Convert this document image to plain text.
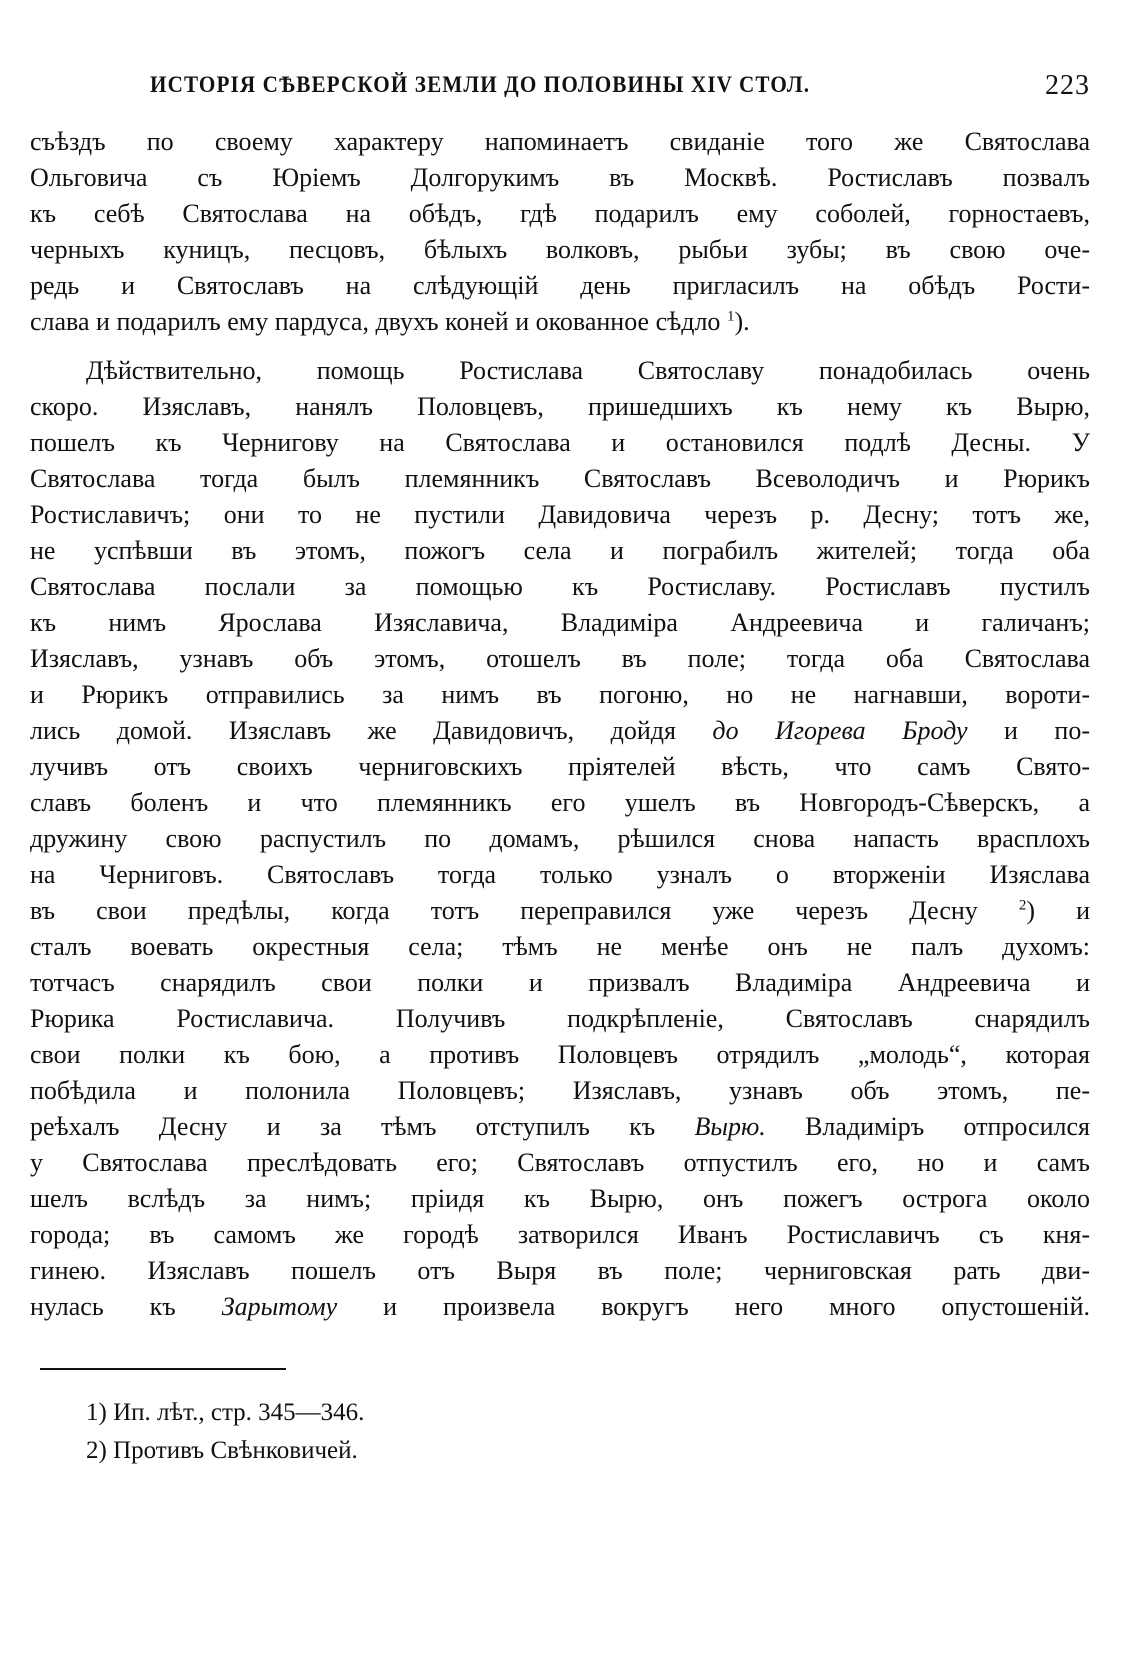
ИСТОРІЯ СѢВЕРСКОЙ ЗЕМЛИ ДО ПОЛОВИНЫ XIV СТОЛ.	223
съѣздъ по своему характеру напоминаетъ свиданіе того же Святослава
Ольговича съ Юріемъ Долгорукимъ въ Москвѣ. Ростиславъ позвалъ
къ себѣ Святослава на обѣдъ, гдѣ подарилъ ему соболей, горностаевъ,
черныхъ куницъ, песцовъ, бѣлыхъ волковъ, рыбьи зубы; въ свою оче-
редь и Святославъ на слѣдующій день пригласилъ на обѣдъ Рости-
слава и подарилъ ему пардуса, двухъ коней и окованное сѣдло $^1$).
Дѣйствительно, помощь Ростислава Святославу понадобилась очень
скоро. Изяславъ, нанялъ Половцевъ, пришедшихъ къ нему къ Вырю,
пошелъ къ Чернигову на Святослава и остановился подлѣ Десны. У
Святослава тогда былъ племянникъ Святославъ Всеволодичъ и Рюрикъ
Ростиславичъ; они то не пустили Давидовича черезъ р. Десну; тотъ же,
не успѣвши въ этомъ, пожогъ села и пограбилъ жителей; тогда оба
Святослава послали за помощью къ Ростиславу. Ростиславъ пустилъ
къ нимъ Ярослава Изяславича, Владиміра Андреевича и галичанъ;
Изяславъ, узнавъ объ этомъ, отошелъ въ поле; тогда оба Святослава
и Рюрикъ отправились за нимъ въ погоню, но не нагнавши, вороти-
лись домой. Изяславъ же Давидовичъ, дойдя до Игорева Броду и по-
лучивъ отъ своихъ черниговскихъ пріятелей вѣсть, что самъ Свято-
славъ боленъ и что племянникъ его ушелъ въ Новгородъ-Сѣверскъ, а
дружину свою распустилъ по домамъ, рѣшился снова напасть врасплохъ
на Черниговъ. Святославъ тогда только узналъ о вторженіи Изяслава
въ свои предѣлы, когда тотъ переправился уже черезъ Десну	$^2$) и
сталъ воевать окрестныя села; тѣмъ не менѣе онъ не палъ духомъ:
тотчасъ снарядилъ свои полки и призвалъ Владиміра Андреевича и
Рюрика Ростиславича. Получивъ подкрѣпленіе, Святославъ снарядилъ
свои полки къ бою, а противъ Половцевъ отрядилъ „молодь“, которая
побѣдила и полонила Половцевъ; Изяславъ, узнавъ объ этомъ, пе-
реѣхалъ Десну и за тѣмъ отступилъ къ Вырю. Владиміръ отпросился
у Святослава преслѣдовать его; Святославъ отпустилъ его, но и самъ
шелъ вслѣдъ за нимъ; пріидя къ Вырю, онъ пожегъ острога около
города; въ самомъ же городѣ затворился Иванъ Ростиславичъ съ кня-
гинею. Изяславъ пошелъ отъ Выря въ поле; черниговская рать дви-
нулась къ Зарытому и произвела вокругъ него много опустошеній.
1) Ип. лѣт., стр. 345—346.
2) Противъ Свѣнковичей.
